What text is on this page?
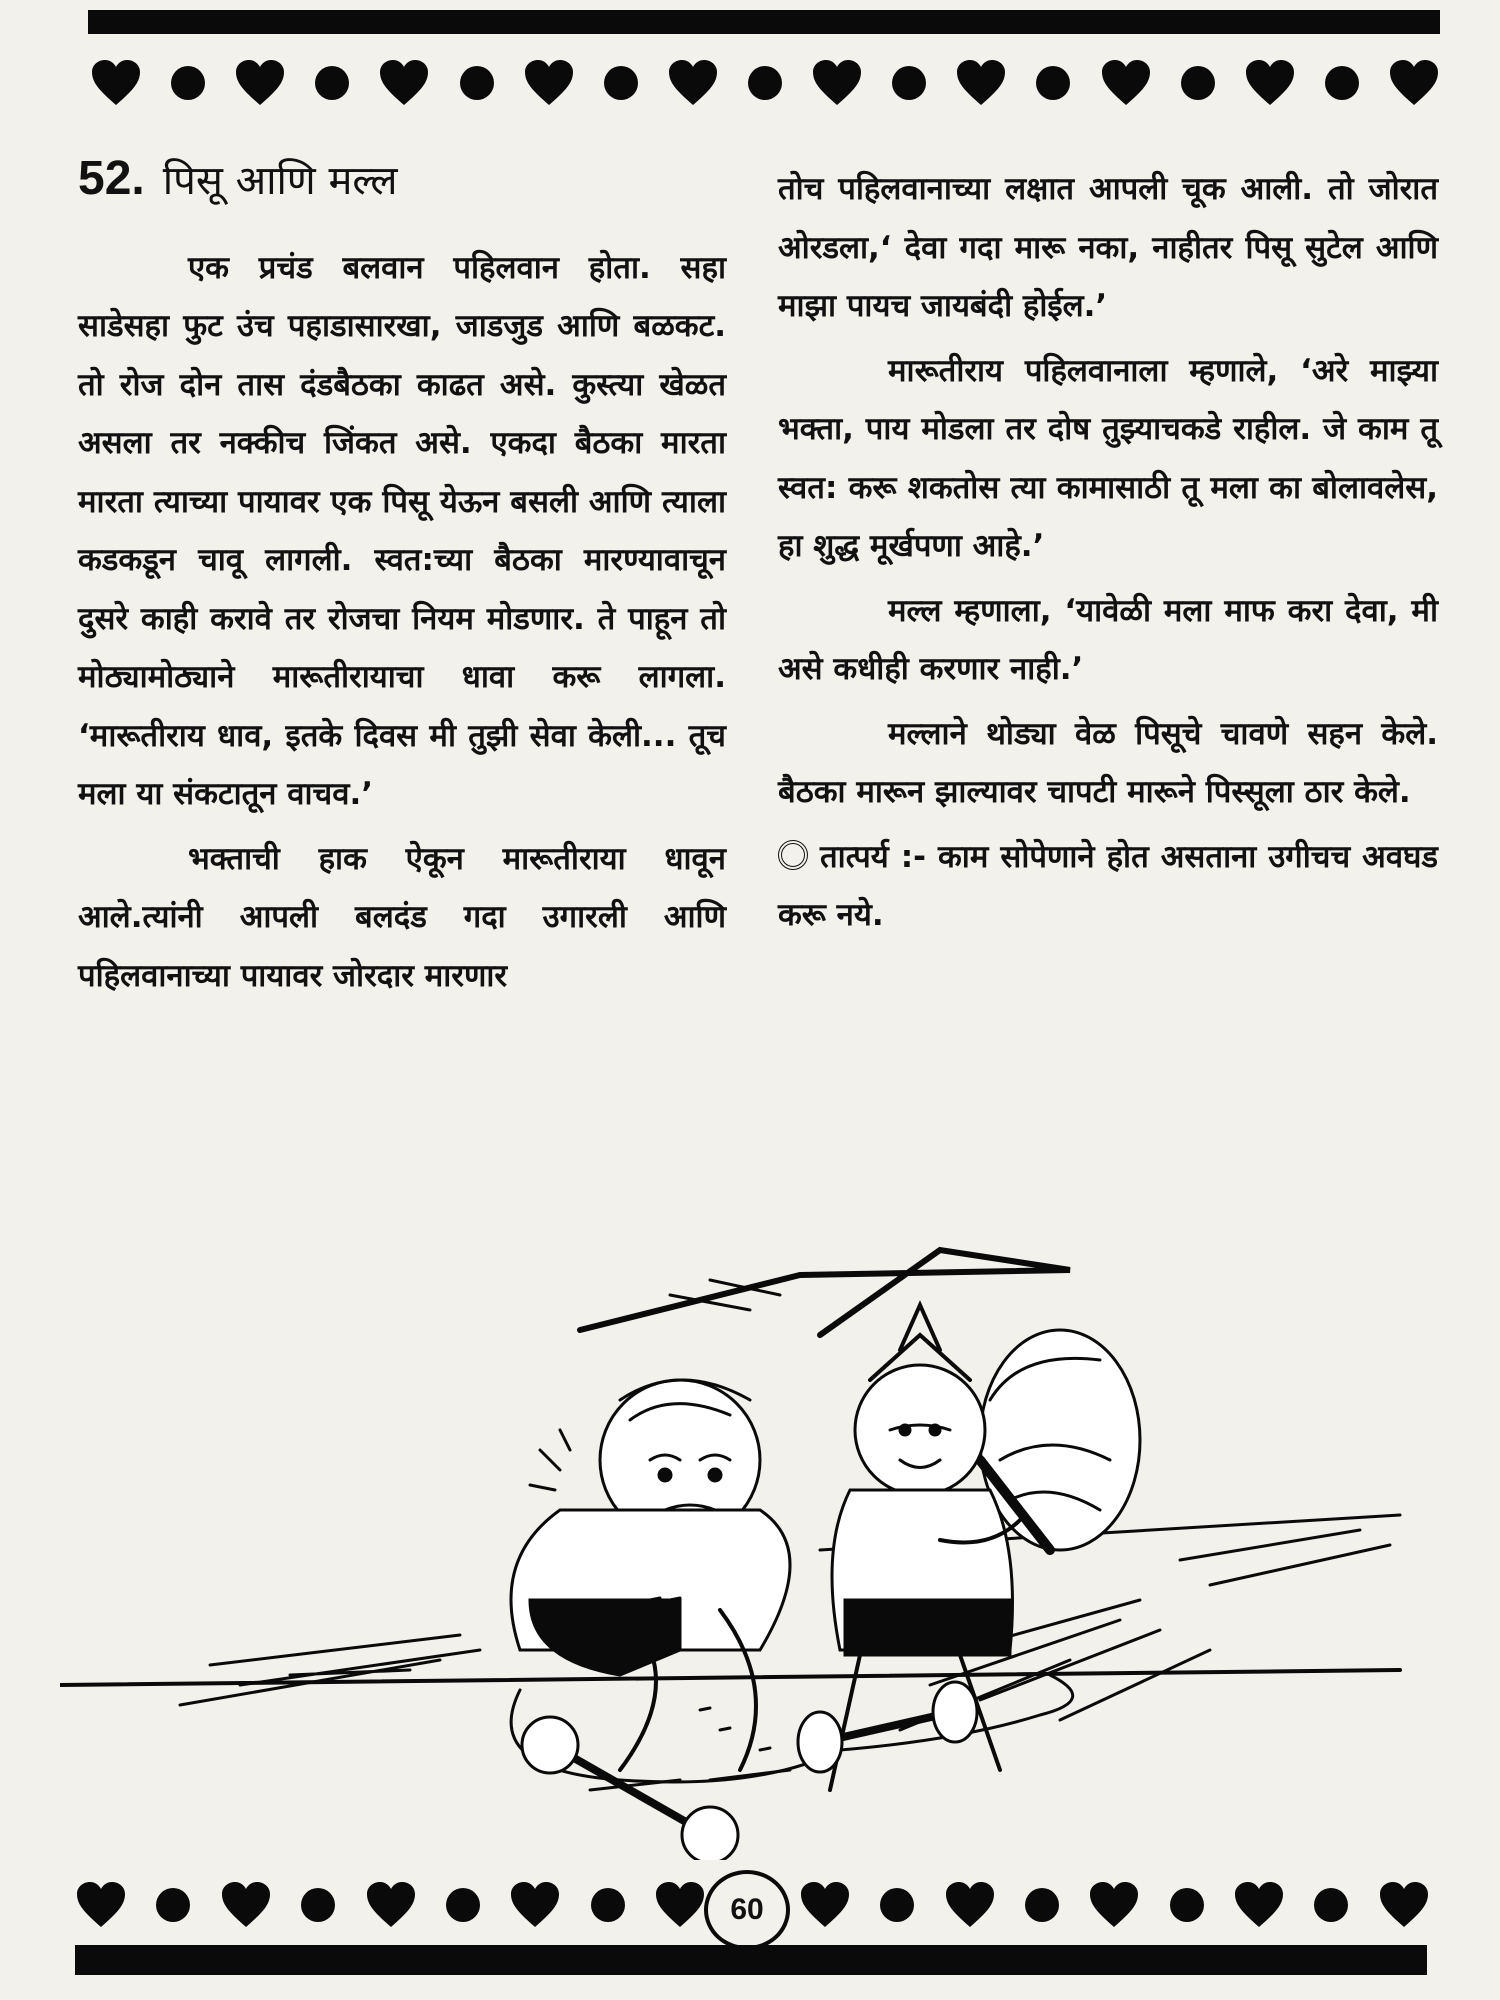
52. पिसू आणि मल्ल

एक प्रचंड बलवान पहिलवान होता. सहा साडेसहा फुट उंच पहाडासारखा, जाडजुड आणि बळकट. तो रोज दोन तास दंडबैठका काढत असे. कुस्त्या खेळत असला तर नक्कीच जिंकत असे. एकदा बैठका मारता मारता त्याच्या पायावर एक पिसू येऊन बसली आणि त्याला कडकडून चावू लागली. स्वत:च्या बैठका मारण्यावाचून दुसरे काही करावे तर रोजचा नियम मोडणार. ते पाहून तो मोठ्यामोठ्याने मारूतीरायाचा धावा करू लागला. ‘मारूतीराय धाव, इतके दिवस मी तुझी सेवा केली... तूच मला या संकटातून वाचव.’

भक्ताची हाक ऐकून मारूतीराया धावून आले.त्यांनी आपली बलदंड गदा उगारली आणि पहिलवानाच्या पायावर जोरदार मारणार

तोच पहिलवानाच्या लक्षात आपली चूक आली. तो जोरात ओरडला,‘ देवा गदा मारू नका, नाहीतर पिसू सुटेल आणि माझा पायच जायबंदी होईल.’

मारूतीराय पहिलवानाला म्हणाले, ‘अरे माझ्या भक्ता, पाय मोडला तर दोष तुझ्याचकडे राहील. जे काम तू स्वत: करू शकतोस त्या कामासाठी तू मला का बोलावलेस, हा शुद्ध मूर्खपणा आहे.’

मल्ल म्हणाला, ‘यावेळी मला माफ करा देवा, मी असे कधीही करणार नाही.’

मल्लाने थोड्या वेळ पिसूचे चावणे सहन केले. बैठका मारून झाल्यावर चापटी मारूने पिस्सूला ठार केले.

तात्पर्य :- काम सोपेणाने होत असताना उगीचच अवघड करू नये.

60
